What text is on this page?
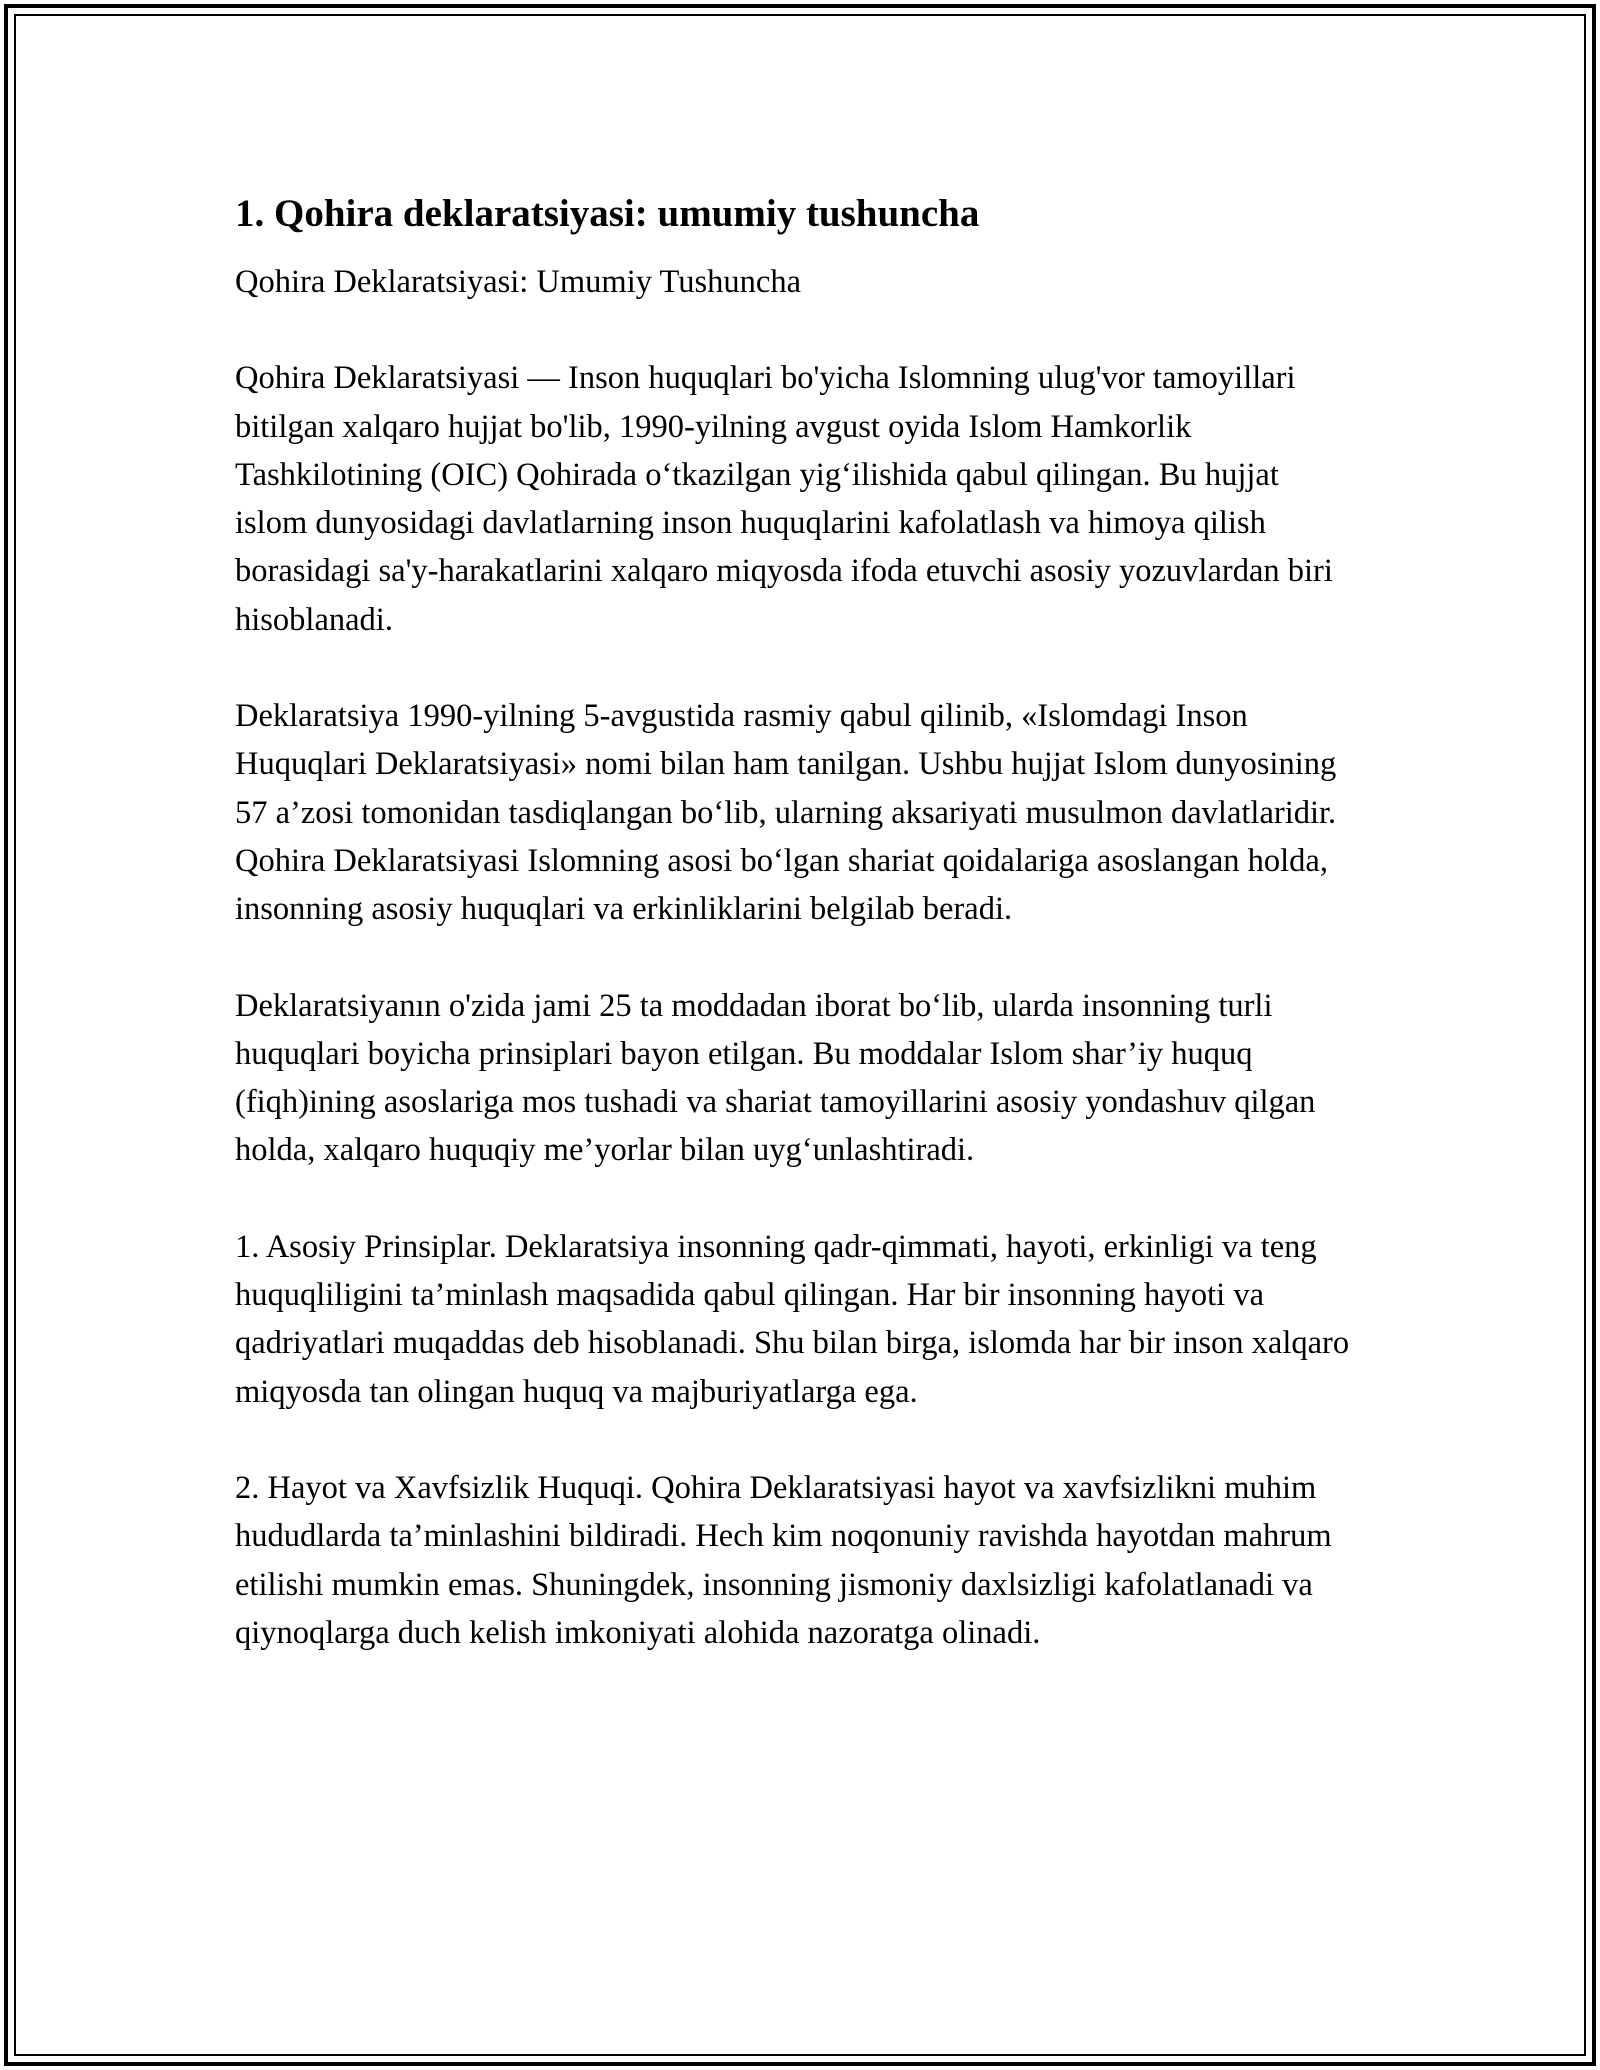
1. Qohira deklaratsiyasi: umumiy tushuncha

Qohira Deklaratsiyasi: Umumiy Tushuncha

Qohira Deklaratsiyasi — Inson huquqlari bo'yicha Islomning ulug'vor tamoyillari bitilgan xalqaro hujjat bo'lib, 1990-yilning avgust oyida Islom Hamkorlik Tashkilotining (OIC) Qohirada o‘tkazilgan yig‘ilishida qabul qilingan. Bu hujjat islom dunyosidagi davlatlarning inson huquqlarini kafolatlash va himoya qilish borasidagi sa'y-harakatlarini xalqaro miqyosda ifoda etuvchi asosiy yozuvlardan biri hisoblanadi.

Deklaratsiya 1990-yilning 5-avgustida rasmiy qabul qilinib, «Islomdagi Inson Huquqlari Deklaratsiyasi» nomi bilan ham tanilgan. Ushbu hujjat Islom dunyosining 57 a’zosi tomonidan tasdiqlangan bo‘lib, ularning aksariyati musulmon davlatlaridir. Qohira Deklaratsiyasi Islomning asosi bo‘lgan shariat qoidalariga asoslangan holda, insonning asosiy huquqlari va erkinliklarini belgilab beradi.

Deklaratsiyanın o'zida jami 25 ta moddadan iborat bo‘lib, ularda insonning turli huquqlari boyicha prinsiplari bayon etilgan. Bu moddalar Islom shar’iy huquq (fiqh)ining asoslariga mos tushadi va shariat tamoyillarini asosiy yondashuv qilgan holda, xalqaro huquqiy me’yorlar bilan uyg‘unlashtiradi.

1. Asosiy Prinsiplar. Deklaratsiya insonning qadr-qimmati, hayoti, erkinligi va teng huquqliligini ta’minlash maqsadida qabul qilingan. Har bir insonning hayoti va qadriyatlari muqaddas deb hisoblanadi. Shu bilan birga, islomda har bir inson xalqaro miqyosda tan olingan huquq va majburiyatlarga ega.

2. Hayot va Xavfsizlik Huquqi. Qohira Deklaratsiyasi hayot va xavfsizlikni muhim hududlarda ta’minlashini bildiradi. Hech kim noqonuniy ravishda hayotdan mahrum etilishi mumkin emas. Shuningdek, insonning jismoniy daxlsizligi kafolatlanadi va qiynoqlarga duch kelish imkoniyati alohida nazoratga olinadi.
